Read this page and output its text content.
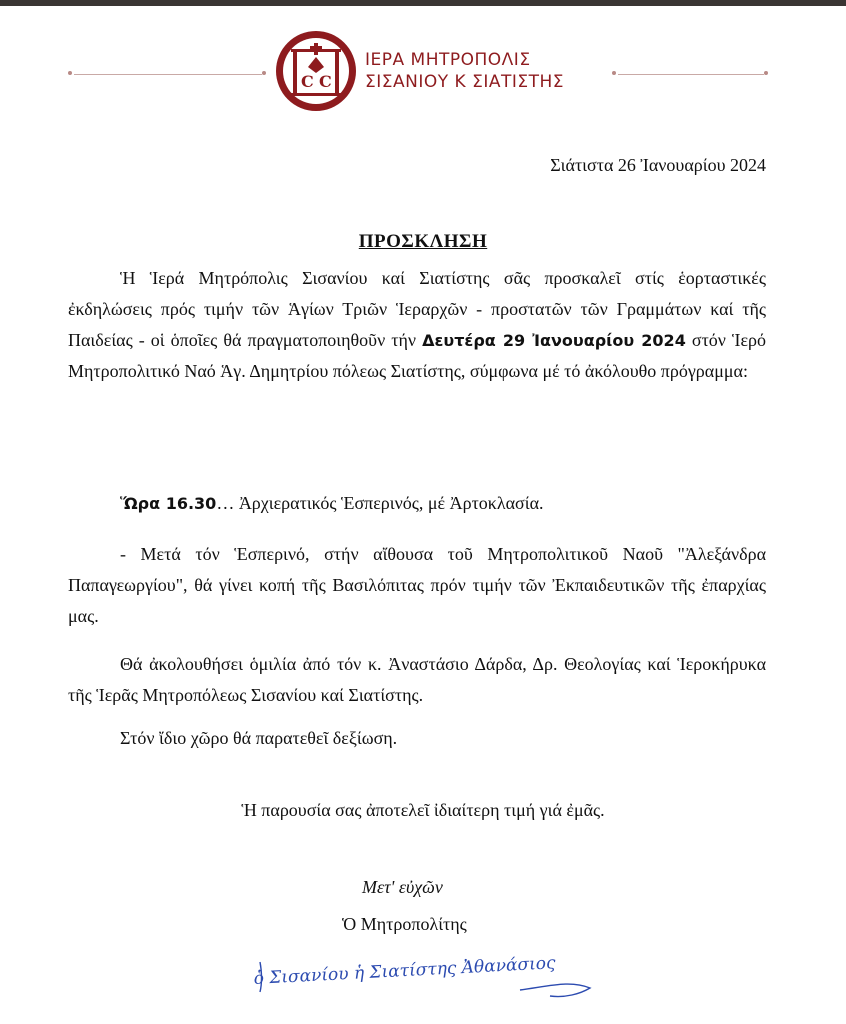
C C
ΙΕΡΑ ΜΗΤΡΟΠΟΛΙΣ
ΣΙΣΑΝΙΟΥ Κ ΣΙΑΤΙΣΤΗΣ
Σιάτιστα 26 Ἰανουαρίου 2024
ΠΡΟΣΚΛΗΣΗ
Ἡ Ἱερά Μητρόπολις Σισανίου καί Σιατίστης σᾶς προσκαλεῖ στίς ἑορταστικές ἐκδηλώσεις πρός τιμήν τῶν Ἁγίων Τριῶν Ἱεραρχῶν - προστατῶν τῶν Γραμμάτων καί τῆς Παιδείας - οἱ ὁποῖες θά πραγματοποιηθοῦν τήν Δευτέρα 29 Ἰανουαρίου 2024 στόν Ἱερό Μητροπολιτικό Ναό Ἁγ. Δημητρίου πόλεως Σιατίστης, σύμφωνα μέ τό ἀκόλουθο πρόγραμμα:
Ὥρα 16.30… Ἀρχιερατικός Ἑσπερινός, μέ Ἀρτοκλασία.
- Μετά τόν Ἑσπερινό, στήν αἴθουσα τοῦ Μητροπολιτικοῦ Ναοῦ "Ἀλεξάνδρα Παπαγεωργίου", θά γίνει κοπή τῆς Βασιλόπιτας πρόν τιμήν τῶν Ἐκπαιδευτικῶν τῆς ἐπαρχίας μας.
Θά ἀκολουθήσει ὁμιλία ἀπό τόν κ. Ἀναστάσιο Δάρδα, Δρ. Θεολογίας καί Ἱεροκήρυκα τῆς Ἱερᾶς Μητροπόλεως Σισανίου καί Σιατίστης.
Στόν ἴδιο χῶρο θά παρατεθεῖ δεξίωση.
Ἡ παρουσία σας ἀποτελεῖ ἰδιαίτερη τιμή γιά ἐμᾶς.
Μετ' εὐχῶν
Ὁ Μητροπολίτης
ὁ Σισανίου ἡ Σιατίστης Ἀθανάσιος
